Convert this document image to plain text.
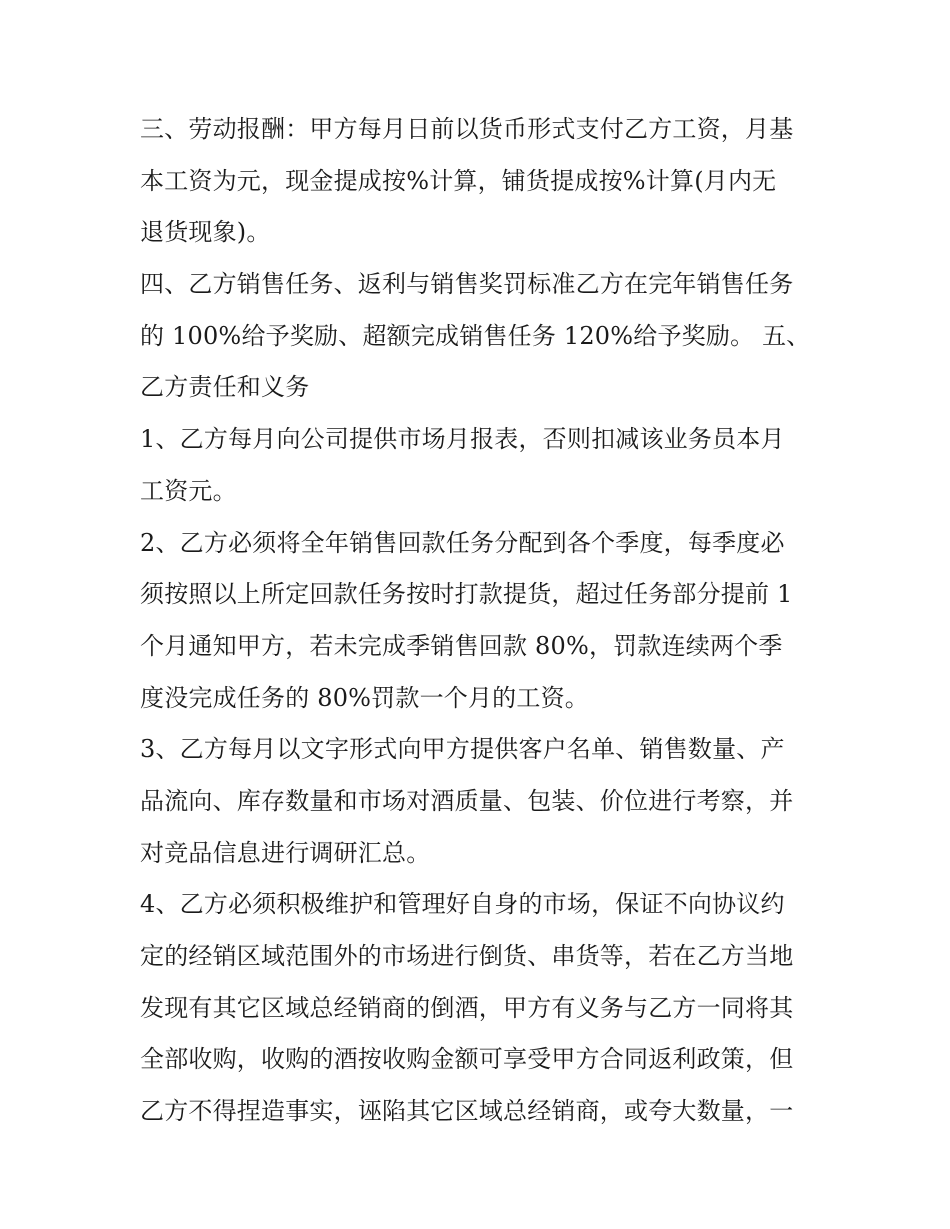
三、劳动报酬：甲方每月日前以货币形式支付乙方工资，月基
本工资为元，现金提成按%计算，铺货提成按%计算(月内无
退货现象)。
四、乙方销售任务、返利与销售奖罚标准乙方在完年销售任务
的 100%给予奖励、超额完成销售任务 120%给予奖励。 五、
乙方责任和义务
1、乙方每月向公司提供市场月报表，否则扣减该业务员本月
工资元。
2、乙方必须将全年销售回款任务分配到各个季度，每季度必
须按照以上所定回款任务按时打款提货，超过任务部分提前 1
个月通知甲方，若未完成季销售回款 80%，罚款连续两个季
度没完成任务的 80%罚款一个月的工资。
3、乙方每月以文字形式向甲方提供客户名单、销售数量、产
品流向、库存数量和市场对酒质量、包装、价位进行考察，并
对竞品信息进行调研汇总。
4、乙方必须积极维护和管理好自身的市场，保证不向协议约
定的经销区域范围外的市场进行倒货、串货等，若在乙方当地
发现有其它区域总经销商的倒酒，甲方有义务与乙方一同将其
全部收购，收购的酒按收购金额可享受甲方合同返利政策，但
乙方不得捏造事实，诬陷其它区域总经销商，或夸大数量，一
